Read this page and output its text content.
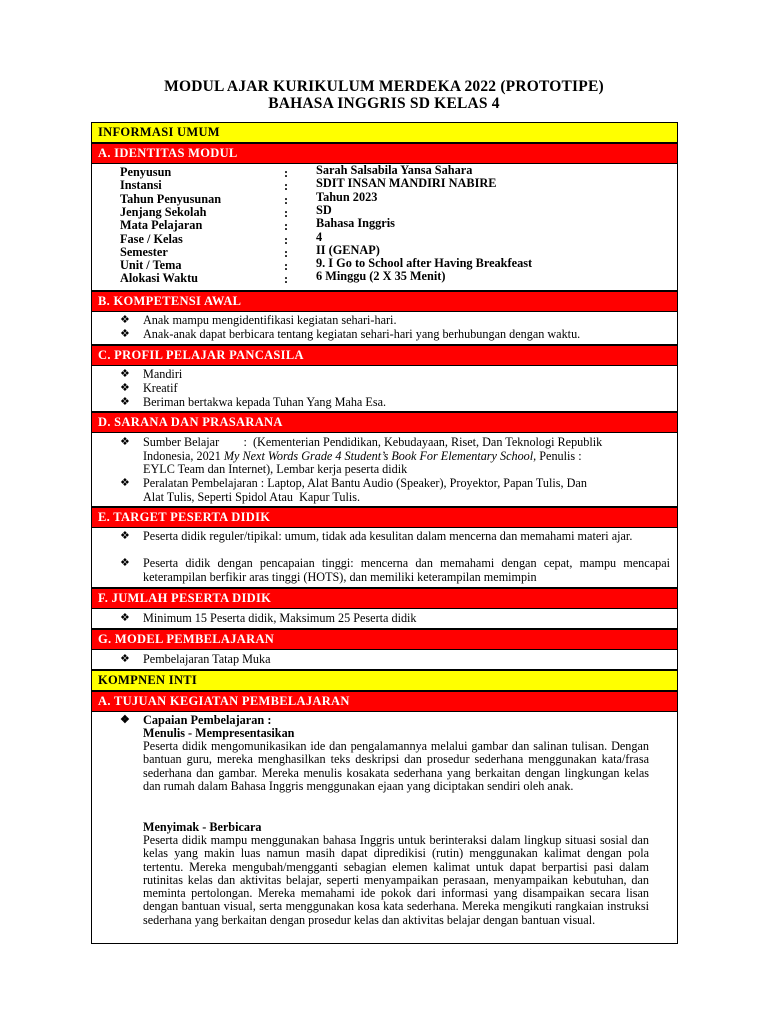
MODUL AJAR KURIKULUM MERDEKA 2022 (PROTOTIPE)
BAHASA INGGRIS SD KELAS 4
INFORMASI UMUM
A. IDENTITAS MODUL
Penyusun	: Sarah Salsabila Yansa Sahara
Instansi	: SDIT INSAN MANDIRI NABIRE
Tahun Penyusunan	: Tahun 2023
Jenjang Sekolah	: SD
Mata Pelajaran	: Bahasa Inggris
Fase / Kelas	: 4
Semester	: II (GENAP)
Unit / Tema	: 9. I Go to School after Having Breakfeast
Alokasi Waktu	: 6 Minggu (2 X 35 Menit)
B. KOMPETENSI AWAL
❖ Anak mampu mengidentifikasi kegiatan sehari-hari.
❖ Anak-anak dapat berbicara tentang kegiatan sehari-hari yang berhubungan dengan waktu.
C. PROFIL PELAJAR PANCASILA
❖ Mandiri
❖ Kreatif
❖ Beriman bertakwa kepada Tuhan Yang Maha Esa.
D. SARANA DAN PRASARANA
❖ Sumber Belajar        :  (Kementerian Pendidikan, Kebudayaan, Riset, Dan Teknologi Republik
Indonesia, 2021 My Next Words Grade 4 Student’s Book For Elementary School, Penulis :
EYLC Team dan Internet), Lembar kerja peserta didik
❖ Peralatan Pembelajaran : Laptop, Alat Bantu Audio (Speaker), Proyektor, Papan Tulis, Dan
Alat Tulis, Seperti Spidol Atau  Kapur Tulis.
E. TARGET PESERTA DIDIK
❖ Peserta didik reguler/tipikal: umum, tidak ada kesulitan dalam mencerna dan memahami materi ajar.
❖ Peserta didik dengan pencapaian tinggi: mencerna dan memahami dengan cepat, mampu mencapai keterampilan berfikir aras tinggi (HOTS), dan memiliki keterampilan memimpin
F. JUMLAH PESERTA DIDIK
❖ Minimum 15 Peserta didik, Maksimum 25 Peserta didik
G. MODEL PEMBELAJARAN
❖ Pembelajaran Tatap Muka
KOMPNEN INTI
A. TUJUAN KEGIATAN PEMBELAJARAN
❖ Capaian Pembelajaran :
Menulis - Mempresentasikan
Peserta didik mengomunikasikan ide dan pengalamannya melalui gambar dan salinan tulisan. Dengan bantuan guru, mereka menghasilkan teks deskripsi dan prosedur sederhana menggunakan kata/frasa sederhana dan gambar. Mereka menulis kosakata sederhana yang berkaitan dengan lingkungan kelas dan rumah dalam Bahasa Inggris menggunakan ejaan yang diciptakan sendiri oleh anak.
Menyimak - Berbicara
Peserta didik mampu menggunakan bahasa Inggris untuk berinteraksi dalam lingkup situasi sosial dan kelas yang makin luas namun masih dapat dipredikisi (rutin) menggunakan kalimat dengan pola tertentu. Mereka mengubah/mengganti sebagian elemen kalimat untuk dapat berpartisi pasi dalam rutinitas kelas dan aktivitas belajar, seperti menyampaikan perasaan, menyampaikan kebutuhan, dan meminta pertolongan. Mereka memahami ide pokok dari informasi yang disampaikan secara lisan dengan bantuan visual, serta menggunakan kosa kata sederhana. Mereka mengikuti rangkaian instruksi sederhana yang berkaitan dengan prosedur kelas dan aktivitas belajar dengan bantuan visual.
